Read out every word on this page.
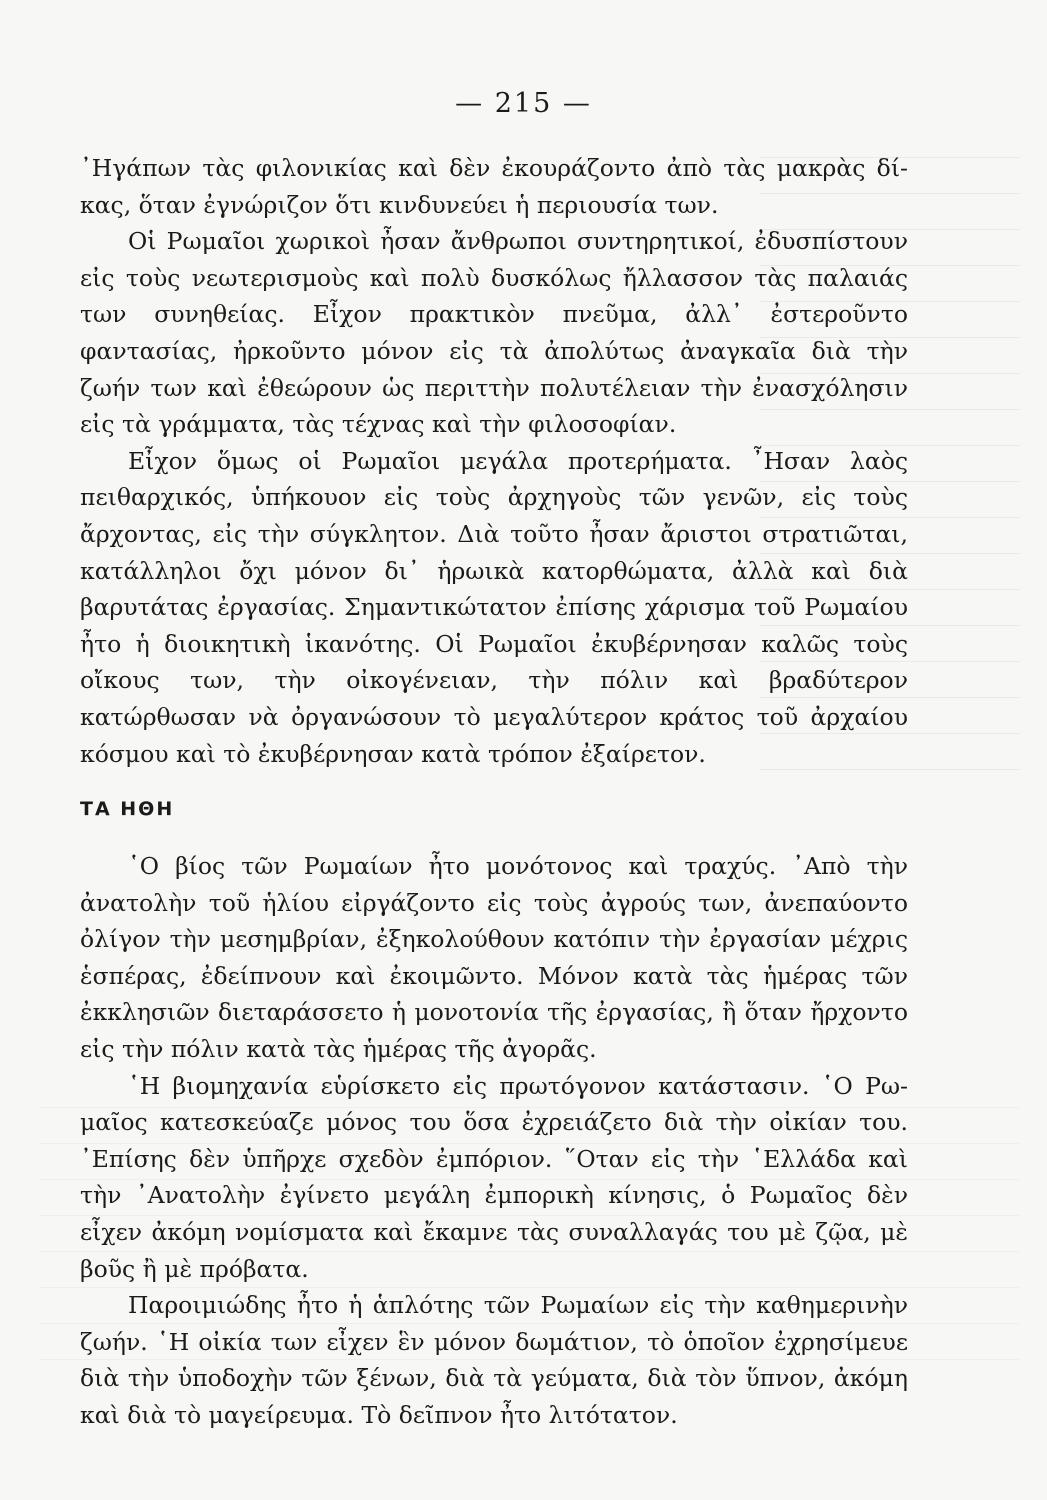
— 215 —

᾿Ηγάπων τὰς φιλονικίας καὶ δὲν ἐκουράζοντο ἀπὸ τὰς μακρὰς δίκας, ὅταν ἐγνώριζον ὅτι κινδυνεύει ἡ περιουσία των.

Οἱ Ρωμαῖοι χωρικοὶ ἦσαν ἄνθρωποι συντηρητικοί, ἐδυσπίστουν εἰς τοὺς νεωτερισμοὺς καὶ πολὺ δυσκόλως ἤλλασσον τὰς παλαιάς των συνηθείας. Εἶχον πρακτικὸν πνεῦμα, ἀλλ᾿ ἐστεροῦντο φαντασίας, ἠρκοῦντο μόνον εἰς τὰ ἀπολύτως ἀναγκαῖα διὰ τὴν ζωήν των καὶ ἐθεώρουν ὡς περιττὴν πολυτέλειαν τὴν ἐνασχόλησιν εἰς τὰ γράμματα, τὰς τέχνας καὶ τὴν φιλοσοφίαν.

Εἶχον ὅμως οἱ Ρωμαῖοι μεγάλα προτερήματα. ῏Ησαν λαὸς πειθαρχικός, ὑπήκουον εἰς τοὺς ἀρχηγοὺς τῶν γενῶν, εἰς τοὺς ἄρχοντας, εἰς τὴν σύγκλητον. Διὰ τοῦτο ἦσαν ἄριστοι στρατιῶται, κατάλληλοι ὄχι μόνον δι᾿ ἡρωικὰ κατορθώματα, ἀλλὰ καὶ διὰ βαρυτάτας ἐργασίας. Σημαντικώτατον ἐπίσης χάρισμα τοῦ Ρωμαίου ἦτο ἡ διοικητικὴ ἱκανότης. Οἱ Ρωμαῖοι ἐκυβέρνησαν καλῶς τοὺς οἴκους των, τὴν οἰκογένειαν, τὴν πόλιν καὶ βραδύτερον κατώρθωσαν νὰ ὀργανώσουν τὸ μεγαλύτερον κράτος τοῦ ἀρχαίου κόσμου καὶ τὸ ἐκυβέρνησαν κατὰ τρόπον ἐξαίρετον.

ΤΑ ΗΘΗ

῾Ο βίος τῶν Ρωμαίων ἦτο μονότονος καὶ τραχύς. ᾿Απὸ τὴν ἀνατολὴν τοῦ ἡλίου εἰργάζοντο εἰς τοὺς ἀγρούς των, ἀνεπαύοντο ὀλίγον τὴν μεσημβρίαν, ἐξηκολούθουν κατόπιν τὴν ἐργασίαν μέχρις ἑσπέρας, ἐδείπνουν καὶ ἐκοιμῶντο. Μόνον κατὰ τὰς ἡμέρας τῶν ἐκκλησιῶν διεταράσσετο ἡ μονοτονία τῆς ἐργασίας, ἢ ὅταν ἤρχοντο εἰς τὴν πόλιν κατὰ τὰς ἡμέρας τῆς ἀγορᾶς.

῾Η βιομηχανία εὑρίσκετο εἰς πρωτόγονον κατάστασιν. ῾Ο Ρωμαῖος κατεσκεύαζε μόνος του ὅσα ἐχρειάζετο διὰ τὴν οἰκίαν του. ᾿Επίσης δὲν ὑπῆρχε σχεδὸν ἐμπόριον. ῞Οταν εἰς τὴν ῾Ελλάδα καὶ τὴν ᾿Ανατολὴν ἐγίνετο μεγάλη ἐμπορικὴ κίνησις, ὁ Ρωμαῖος δὲν εἶχεν ἀκόμη νομίσματα καὶ ἔκαμνε τὰς συναλλαγάς του μὲ ζῷα, μὲ βοῦς ἢ μὲ πρόβατα.

Παροιμιώδης ἦτο ἡ ἁπλότης τῶν Ρωμαίων εἰς τὴν καθημερινὴν ζωήν. ῾Η οἰκία των εἶχεν ἓν μόνον δωμάτιον, τὸ ὁποῖον ἐχρησίμευε διὰ τὴν ὑποδοχὴν τῶν ξένων, διὰ τὰ γεύματα, διὰ τὸν ὕπνον, ἀκόμη καὶ διὰ τὸ μαγείρευμα. Τὸ δεῖπνον ἦτο λιτότατον.
